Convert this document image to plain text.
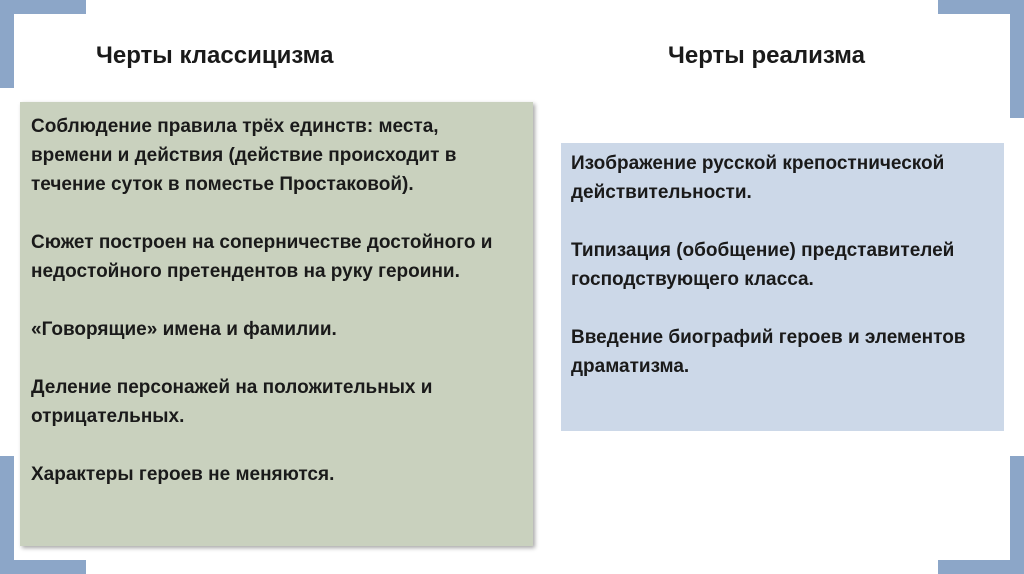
Черты классицизма	Черты реализма

Соблюдение правила трёх единств: места, времени и действия (действие происходит в течение суток в поместье Простаковой).

Сюжет построен на соперничестве достойного и недостойного претендентов на руку героини.

«Говорящие» имена и фамилии.

Деление персонажей на положительных и отрицательных.

Характеры героев не меняются.

Изображение русской крепостнической действительности.

Типизация (обобщение) представителей господствующего класса.

Введение биографий героев и элементов драматизма.
